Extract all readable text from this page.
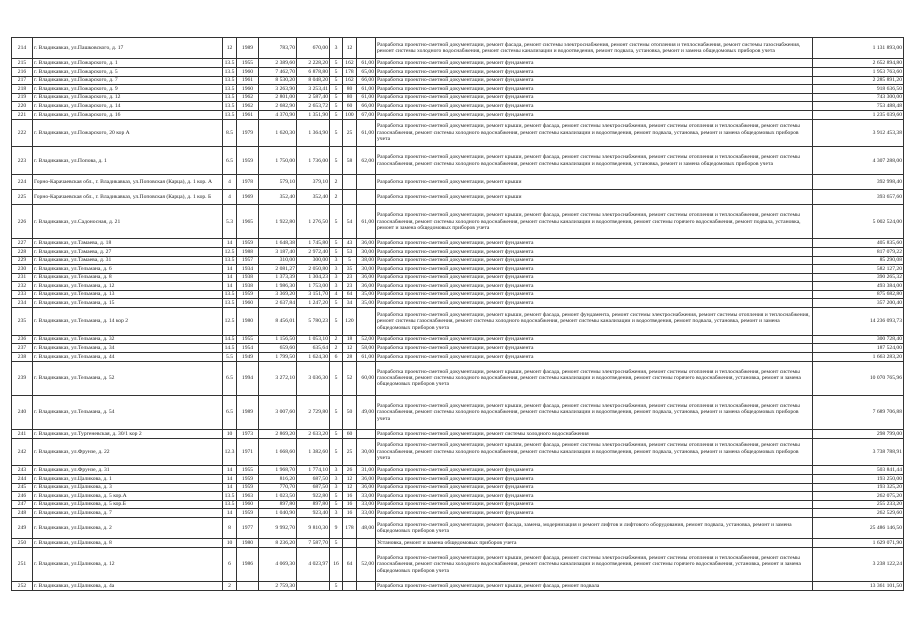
214	г. Владикавказ, ул.Пашковского, д. 17	12	1989	783,70	670,00	3	12		Разработка проектно-сметной документации, ремонт фасада, ремонт системы электроснабжения, ремонт системы отопления и теплоснабжения, ремонт системы газоснабжения, ремонт системы холодного водоснабжения, ремонт системы канализации и водоотведения, ремонт подвала, установка, ремонт и замена общедомовых приборов учета	1 131 893,00
215	г. Владикавказ, ул.Пожарского, д. 1	13.5	1955	2 389,60	2 228,20	5	162	61,00	Разработка проектно-сметной документации, ремонт фундамента	2 652 894,80
216	г. Владикавказ, ул.Пожарского, д. 5	13.5	1960	7 462,70	6 878,80	5	178	65,00	Разработка проектно-сметной документации, ремонт фундамента	1 953 763,60
217	г. Владикавказ, ул.Пожарского, д. 7	13.5	1961	8 530,20	8 048,20	5	162	66,00	Разработка проектно-сметной документации, ремонт фундамента	2 285 891,20
218	г. Владикавказ, ул.Пожарского, д. 9	13.5	1960	3 263,90	3 253,41	5	80	61,00	Разработка проектно-сметной документации, ремонт фундамента	918 636,50
219	г. Владикавказ, ул.Пожарского, д. 12	13.5	1962	2 801,00	2 587,40	5	80	61,00	Разработка проектно-сметной документации, ремонт фундамента	743 300,00
220	г. Владикавказ, ул.Пожарского, д. 14	13.5	1962	2 682,90	2 653,72	5	60	66,00	Разработка проектно-сметной документации, ремонт фундамента	753 488,48
221	г. Владикавказ, ул.Пожарского, д. 16	13.5	1961	4 370,90	1 351,90	5	100	67,00	Разработка проектно-сметной документации, ремонт фундамента	1 235 039,60
222	г. Владикавказ, ул.Пожарского, 20 кор А	8.5	1979	1 620,30	1 364,90	5	25	61,00	Разработка проектно-сметной документации, ремонт крыши, ремонт фасада, ремонт системы электроснабжения, ремонт системы отопления и теплоснабжения, ремонт системы газоснабжения, ремонт системы холодного водоснабжения, ремонт системы канализации и водоотведения, ремонт подвала, установка, ремонт и замена общедомовых приборов учета	3 912 453,38
223	г. Владикавказ, ул.Попова, д. 1	6.5	1959	1 750,00	1 736,00	5	58	62,00	Разработка проектно-сметной документации, ремонт крыши, ремонт фасада, ремонт системы электроснабжения, ремонт системы отопления и теплоснабжения, ремонт системы газоснабжения, ремонт системы холодного водоснабжения, ремонт системы канализации и водоотведения, установка, ремонт и замена общедомовых приборов учета	4 307 288,00
224	Горно-Карачаевская обл., г. Владикавказ, ул.Поповская (Карца), д. 1 кор. А	4	1978	579,10	379,10	2			Разработка проектно-сметной документации, ремонт крыши	392 998,40
225	Горно-Карачаевская обл., г. Владикавказ, ул.Поповская (Карца), д. 1 кор. Б	4	1969	352,40	352,40	2			Разработка проектно-сметной документации, ремонт крыши	393 657,60
226	г. Владикавказ, ул.Садоносная, д. 21	5.3	1965	1 922,80	1 276,50	5	54	61,00	Разработка проектно-сметной документации, ремонт крыши, ремонт фасада, ремонт системы электроснабжения, ремонт системы отопления и теплоснабжения, ремонт системы газоснабжения, ремонт системы холодного водоснабжения, ремонт системы канализации и водоотведения, ремонт системы горячего водоснабжения, ремонт подвала, установка, ремонт и замена общедомовых приборов учета	5 002 524,00
227	г. Владикавказ, ул.Тамаева, д. 18	14	1959	1 648,38	1 745,80	5	43	36,00	Разработка проектно-сметной документации, ремонт фундамента	405 835,60
228	г. Владикавказ, ул.Тамаева, д. 27	12.5	1988	3 187,40	2 972,40	5	53	30,00	Разработка проектно-сметной документации, ремонт фундамента	817 079,22
229	г. Владикавказ, ул.Тамаева, д. 31	13.5	1957	310,00	300,00	3	5	38,00	Разработка проектно-сметной документации, ремонт фундамента	85 290,08
230	г. Владикавказ, ул.Тельмана, д. 6	14	1934	2 081,27	2 050,80	3	35	30,00	Разработка проектно-сметной документации, ремонт фундамента	582 127,20
231	г. Владикавказ, ул.Тельмана, д. 8	14	1938	1 373,39	1 304,23	3	23	36,00	Разработка проектно-сметной документации, ремонт фундамента	390 265,32
232	г. Владикавказ, ул.Тельмана, д. 12	14	1938	1 986,30	1 753,00	3	23	36,00	Разработка проектно-сметной документации, ремонт фундамента	493 384,00
233	г. Владикавказ, ул.Тельмана, д. 13	13.5	1959	3 369,20	3 151,70	4	64	35,00	Разработка проектно-сметной документации, ремонт фундамента	875 682,80
234	г. Владикавказ, ул.Тельмана, д. 15	13.5	1960	2 637,84	1 247,20	5	34	35,00	Разработка проектно-сметной документации, ремонт фундамента	357 200,40
235	г. Владикавказ, ул.Тельмана, д. 14 кор 2	12.5	1980	8 456,01	5 780,23	5	120		Разработка проектно-сметной документации, ремонт крыши, ремонт фасада, ремонт фундамента, ремонт системы электроснабжения, ремонт системы отопления и теплоснабжения, ремонт системы газоснабжения, ремонт системы холодного водоснабжения, ремонт системы канализации и водоотведения, ремонт подвала, установка, ремонт и замена общедомовых приборов учета	14 236 093,73
236	г. Владикавказ, ул.Тельмана, д. 32	14.5	1955	1 156,50	1 053,10	2	18	52,00	Разработка проектно-сметной документации, ремонт фундамента	300 728,40
237	г. Владикавказ, ул.Тельмана, д. 34	14.5	1954	659,60	635,64	2	12	58,00	Разработка проектно-сметной документации, ремонт фундамента	187 524,00
238	г. Владикавказ, ул.Тельмана, д. 44	5.5	1949	1 799,50	1 624,30	6	28	61,00	Разработка проектно-сметной документации, ремонт фундамента	1 663 283,20
239	г. Владикавказ, ул.Тельмана, д. 52	6.5	1994	3 272,10	3 036,30	5	52	60,00	Разработка проектно-сметной документации, ремонт крыши, ремонт фасада, ремонт системы электроснабжения, ремонт системы отопления и теплоснабжения, ремонт системы газоснабжения, ремонт системы холодного водоснабжения, ремонт системы канализации и водоотведения, ремонт системы горячего водоснабжения, установка, ремонт и замена общедомовых приборов учета	10 070 765,96
240	г. Владикавказ, ул.Тельмана, д. 54	6.5	1989	3 007,60	2 729,80	5	50	49,00	Разработка проектно-сметной документации, ремонт крыши, ремонт фасада, ремонт системы электроснабжения, ремонт системы отопления и теплоснабжения, ремонт системы газоснабжения, ремонт системы холодного водоснабжения, ремонт системы канализации и водоотведения, ремонт подвала, установка, ремонт и замена общедомовых приборов учета	7 689 706,88
241	г. Владикавказ, ул.Тургеневская, д. 30/1 кор 2	10	1973	2 869,20	2 633,20	5	60		Разработка проектно-сметной документации, ремонт системы холодного водоснабжения	298 799,00
242	г. Владикавказ, ул.Фрунзе, д. 22	12.3	1971	1 668,60	1 382,60	5	25	30,00	Разработка проектно-сметной документации, ремонт крыши, ремонт фасада, ремонт системы электроснабжения, ремонт системы отопления и теплоснабжения, ремонт системы газоснабжения, ремонт системы холодного водоснабжения, ремонт системы канализации и водоотведения, ремонт подвала, установка, ремонт и замена общедомовых приборов учета	3 738 788,91
243	г. Владикавказ, ул.Фрунзе, д. 31	14	1955	1 968,70	1 774,10	3	26	31,00	Разработка проектно-сметной документации, ремонт фундамента	503 841,44
244	г. Владикавказ, ул.Цаликова, д. 1	14	1959	816,20	687,50	3	12	36,00	Разработка проектно-сметной документации, ремонт фундамента	193 250,00
245	г. Владикавказ, ул.Цаликова, д. 3	14	1959	770,70	687,50	3	12	36,00	Разработка проектно-сметной документации, ремонт фундамента	193 325,20
246	г. Владикавказ, ул.Цаликова, д. 5 кор.А	13.5	1963	1 023,50	922,80	5	16	33,00	Разработка проектно-сметной документации, ремонт фундамента	262 075,20
247	г. Владикавказ, ул.Цаликова, д. 5 кор.Б	13.5	1960	897,80	897,80	5	16	33,00	Разработка проектно-сметной документации, ремонт фундамента	255 233,20
248	г. Владикавказ, ул.Цаликова, д. 7	14	1959	1 040,90	923,40	3	16	33,00	Разработка проектно-сметной документации, ремонт фундамента	262 529,60
249	г. Владикавказ, ул.Цаликова, д. 2	8	1977	9 992,70	9 810,30	9	178	48,00	Разработка проектно-сметной документации, ремонт фасада, замена, модернизация и ремонт лифтов и лифтового оборудования, ремонт подвала, установка, ремонт и замена общедомовых приборов учета	25 486 146,50
250	г. Владикавказ, ул.Цаликова, д. 8	10	1980	8 236,20	7 587,70	5			Установка, ремонт и замена общедомовых приборов учета	1 629 071,90
251	г. Владикавказ, ул.Цаликова, д. 12	6	1986	4 069,30	4 023,97	16	64	52,00	Разработка проектно-сметной документации, ремонт крыши, ремонт фасада, ремонт системы электроснабжения, ремонт системы отопления и теплоснабжения, ремонт системы газоснабжения, ремонт системы холодного водоснабжения, ремонт системы канализации и водоотведения, ремонт системы горячего водоснабжения, установка, ремонт и замена общедомовых приборов учета	3 238 122,24
252	г. Владикавказ, ул.Цаликова, д. 4а	2		2 759,30		5			Разработка проектно-сметной документации, ремонт крыши, ремонт фасада, ремонт подвала	13 361 101,50
